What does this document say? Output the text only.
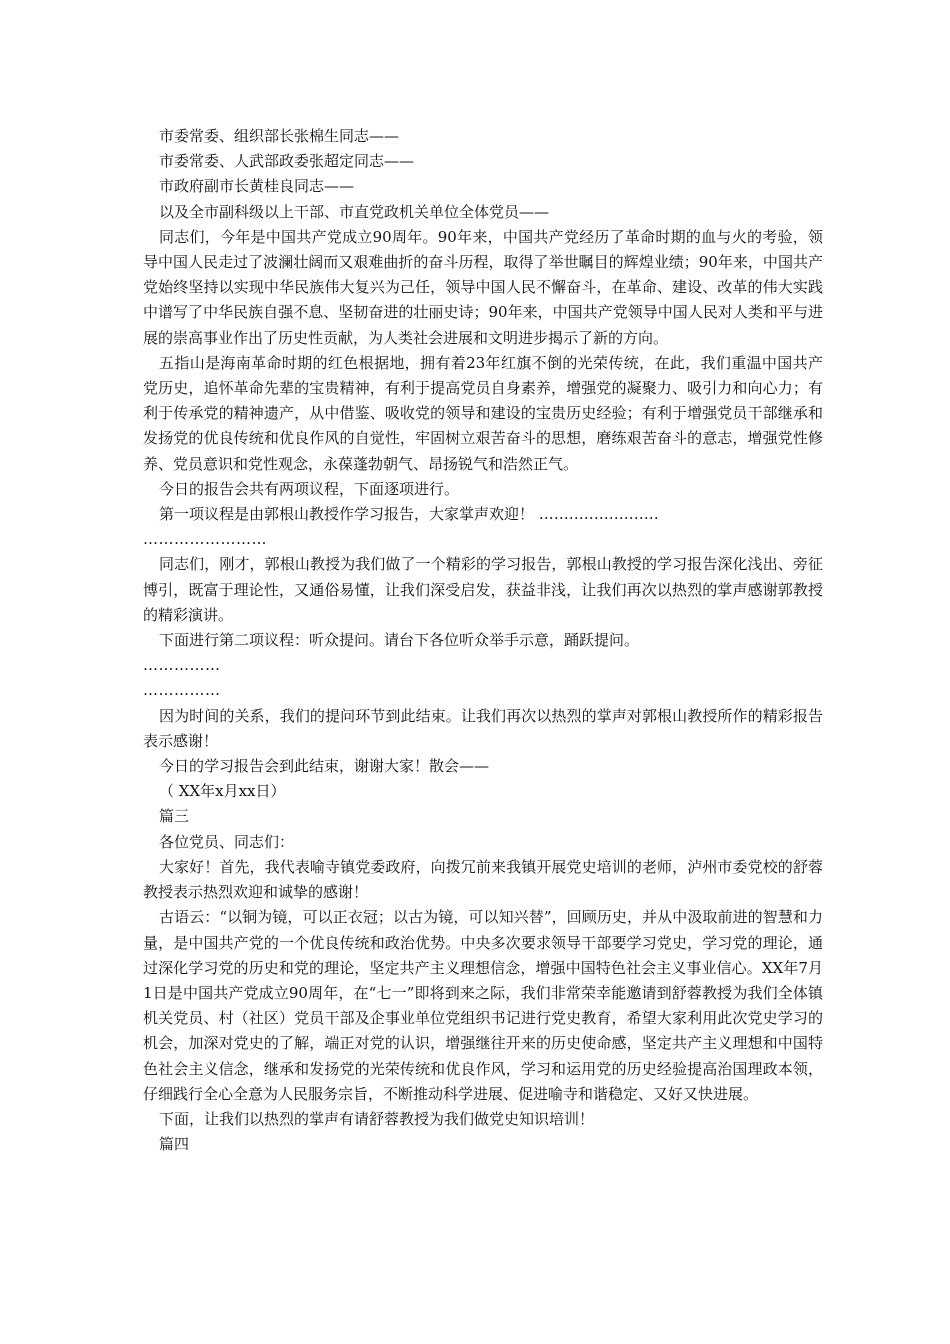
市委常委、组织部长张棉生同志——

市委常委、人武部政委张超定同志——

市政府副市长黄桂良同志——

以及全市副科级以上干部、市直党政机关单位全体党员——

同志们，今年是中国共产党成立90周年。90年来，中国共产党经历了革命时期的血与火的考验，领导中国人民走过了波澜壮阔而又艰难曲折的奋斗历程，取得了举世瞩目的辉煌业绩；90年来，中国共产党始终坚持以实现中华民族伟大复兴为己任，领导中国人民不懈奋斗，在革命、建设、改革的伟大实践中谱写了中华民族自强不息、坚韧奋进的壮丽史诗；90年来，中国共产党领导中国人民对人类和平与进展的崇高事业作出了历史性贡献，为人类社会进展和文明进步揭示了新的方向。

五指山是海南革命时期的红色根据地，拥有着23年红旗不倒的光荣传统，在此，我们重温中国共产党历史，追怀革命先辈的宝贵精神，有利于提高党员自身素养，增强党的凝聚力、吸引力和向心力；有利于传承党的精神遗产，从中借鉴、吸收党的领导和建设的宝贵历史经验；有利于增强党员干部继承和发扬党的优良传统和优良作风的自觉性，牢固树立艰苦奋斗的思想，磨练艰苦奋斗的意志，增强党性修养、党员意识和党性观念，永葆蓬勃朝气、昂扬锐气和浩然正气。

今日的报告会共有两项议程，下面逐项进行。

第一项议程是由郭根山教授作学习报告，大家掌声欢迎！ ……………………

……………………

同志们，刚才，郭根山教授为我们做了一个精彩的学习报告，郭根山教授的学习报告深化浅出、旁征博引，既富于理论性，又通俗易懂，让我们深受启发，获益非浅，让我们再次以热烈的掌声感谢郭教授的精彩演讲。

下面进行第二项议程：听众提问。请台下各位听众举手示意，踊跃提问。

……………

……………

因为时间的关系，我们的提问环节到此结束。让我们再次以热烈的掌声对郭根山教授所作的精彩报告表示感谢！

今日的学习报告会到此结束，谢谢大家！散会——

（ XX年x月xx日）

篇三

各位党员、同志们：

大家好！首先，我代表喻寺镇党委政府，向拨冗前来我镇开展党史培训的老师，泸州市委党校的舒蓉教授表示热烈欢迎和诚挚的感谢！

古语云：“以铜为镜，可以正衣冠；以古为镜，可以知兴替”，回顾历史，并从中汲取前进的智慧和力量，是中国共产党的一个优良传统和政治优势。中央多次要求领导干部要学习党史，学习党的理论，通过深化学习党的历史和党的理论，坚定共产主义理想信念，增强中国特色社会主义事业信心。XX年7月1日是中国共产党成立90周年，在“七一”即将到来之际，我们非常荣幸能邀请到舒蓉教授为我们全体镇机关党员、村（社区）党员干部及企事业单位党组织书记进行党史教育，希望大家利用此次党史学习的机会，加深对党史的了解，端正对党的认识，增强继往开来的历史使命感，坚定共产主义理想和中国特色社会主义信念，继承和发扬党的光荣传统和优良作风，学习和运用党的历史经验提高治国理政本领，仔细践行全心全意为人民服务宗旨，不断推动科学进展、促进喻寺和谐稳定、又好又快进展。

下面，让我们以热烈的掌声有请舒蓉教授为我们做党史知识培训！

篇四
